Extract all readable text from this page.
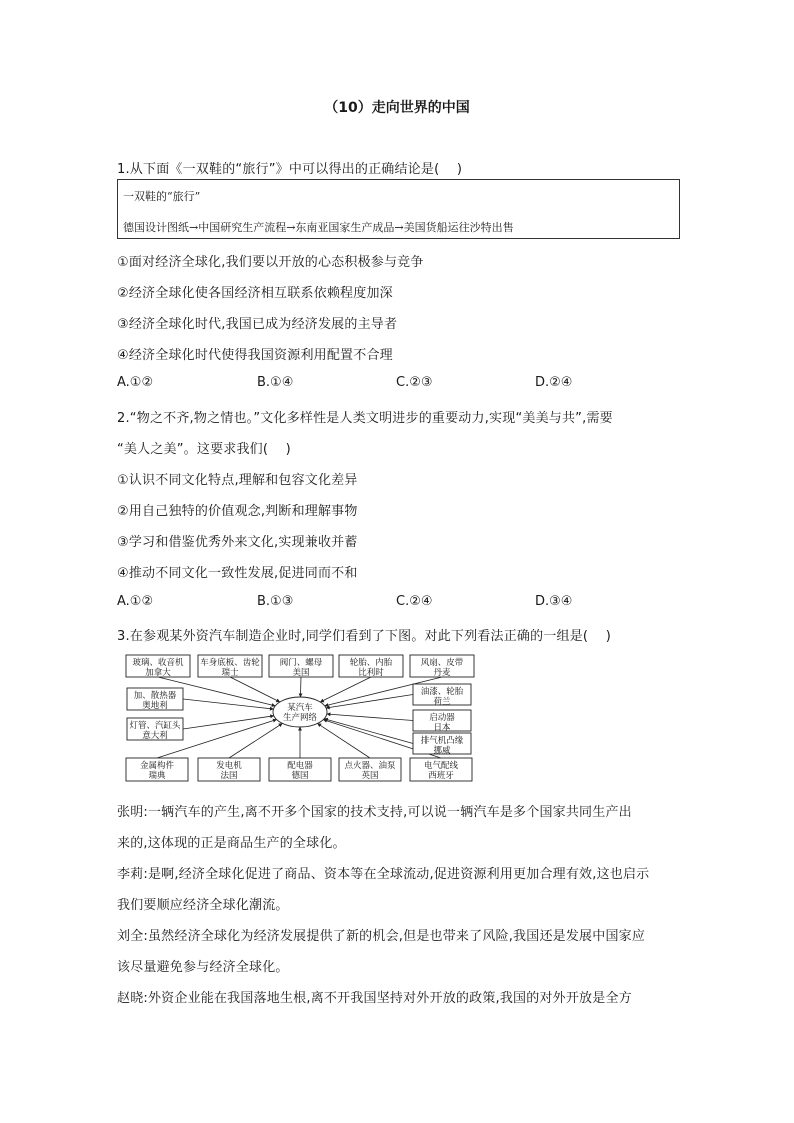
（10）走向世界的中国
1.从下面《一双鞋的“旅行”》中可以得出的正确结论是(　 )
一双鞋的“旅行”
德国设计图纸→中国研究生产流程→东南亚国家生产成品→美国货船运往沙特出售
①面对经济全球化,我们要以开放的心态积极参与竞争
②经济全球化使各国经济相互联系依赖程度加深
③经济全球化时代,我国已成为经济发展的主导者
④经济全球化时代使得我国资源利用配置不合理
A.①②	B.①④	C.②③	D.②④
2.“物之不齐,物之情也。”文化多样性是人类文明进步的重要动力,实现“美美与共”,需要
“美人之美”。这要求我们(　 )
①认识不同文化特点,理解和包容文化差异
②用自己独特的价值观念,判断和理解事物
③学习和借鉴优秀外来文化,实现兼收并蓄
④推动不同文化一致性发展,促进同而不和
A.①②	B.①③	C.②④	D.③④
3.在参观某外资汽车制造企业时,同学们看到了下图。对此下列看法正确的一组是(　 )
玻璃、收音机
加拿大
车身底板、齿轮
瑞士
阀门、螺母
美国
轮胎、内胎
比利时
风扇、皮带
丹麦
加、散热器
奥地利
灯管、汽缸头
意大利
油漆、轮胎
荷兰
启动器
日本
排气机凸缘
挪威
金属构件
瑞典
发电机
法国
配电器
德国
点火器、油泵
英国
电气配线
西班牙
某汽车
生产网络
张明:一辆汽车的产生,离不开多个国家的技术支持,可以说一辆汽车是多个国家共同生产出
来的,这体现的正是商品生产的全球化。
李莉:是啊,经济全球化促进了商品、资本等在全球流动,促进资源利用更加合理有效,这也启示
我们要顺应经济全球化潮流。
刘全:虽然经济全球化为经济发展提供了新的机会,但是也带来了风险,我国还是发展中国家应
该尽量避免参与经济全球化。
赵晓:外资企业能在我国落地生根,离不开我国坚持对外开放的政策,我国的对外开放是全方
